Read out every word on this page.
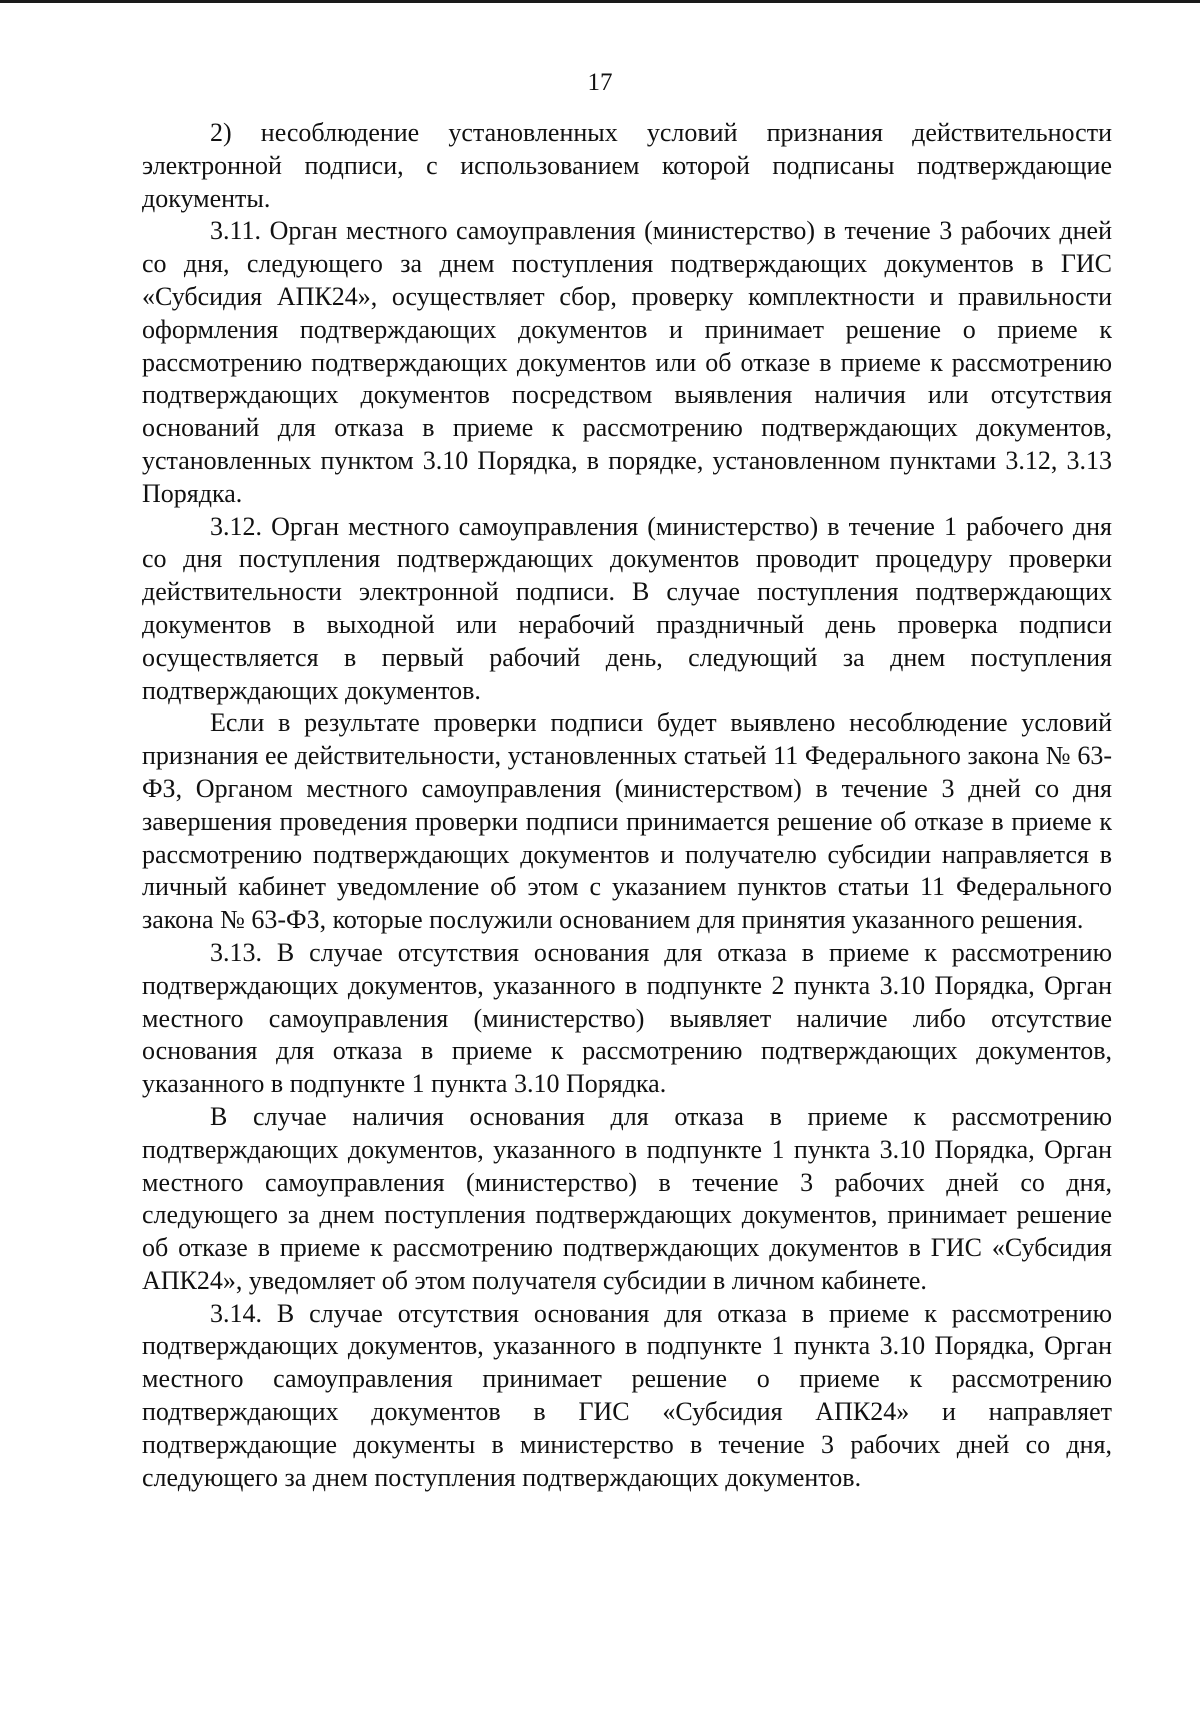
17

2) несоблюдение установленных условий признания действительности электронной подписи, с использованием которой подписаны подтверждающие документы.

3.11. Орган местного самоуправления (министерство) в течение 3 рабочих дней со дня, следующего за днем поступления подтверждающих документов в ГИС «Субсидия АПК24», осуществляет сбор, проверку комплектности и правильности оформления подтверждающих документов и принимает решение о приеме к рассмотрению подтверждающих документов или об отказе в приеме к рассмотрению подтверждающих документов посредством выявления наличия или отсутствия оснований для отказа в приеме к рассмотрению подтверждающих документов, установленных пунктом 3.10 Порядка, в порядке, установленном пунктами 3.12, 3.13 Порядка.

3.12. Орган местного самоуправления (министерство) в течение 1 рабочего дня со дня поступления подтверждающих документов проводит процедуру проверки действительности электронной подписи. В случае поступления подтверждающих документов в выходной или нерабочий праздничный день проверка подписи осуществляется в первый рабочий день, следующий за днем поступления подтверждающих документов.

Если в результате проверки подписи будет выявлено несоблюдение условий признания ее действительности, установленных статьей 11 Федерального закона № 63-ФЗ, Органом местного самоуправления (министерством) в течение 3 дней со дня завершения проведения проверки подписи принимается решение об отказе в приеме к рассмотрению подтверждающих документов и получателю субсидии направляется в личный кабинет уведомление об этом с указанием пунктов статьи 11 Федерального закона № 63-ФЗ, которые послужили основанием для принятия указанного решения.

3.13. В случае отсутствия основания для отказа в приеме к рассмотрению подтверждающих документов, указанного в подпункте 2 пункта 3.10 Порядка, Орган местного самоуправления (министерство) выявляет наличие либо отсутствие основания для отказа в приеме к рассмотрению подтверждающих документов, указанного в подпункте 1 пункта 3.10 Порядка.

В случае наличия основания для отказа в приеме к рассмотрению подтверждающих документов, указанного в подпункте 1 пункта 3.10 Порядка, Орган местного самоуправления (министерство) в течение 3 рабочих дней со дня, следующего за днем поступления подтверждающих документов, принимает решение об отказе в приеме к рассмотрению подтверждающих документов в ГИС «Субсидия АПК24», уведомляет об этом получателя субсидии в личном кабинете.

3.14. В случае отсутствия основания для отказа в приеме к рассмотрению подтверждающих документов, указанного в подпункте 1 пункта 3.10 Порядка, Орган местного самоуправления принимает решение о приеме к рассмотрению подтверждающих документов в ГИС «Субсидия АПК24» и направляет подтверждающие документы в министерство в течение 3 рабочих дней со дня, следующего за днем поступления подтверждающих документов.
